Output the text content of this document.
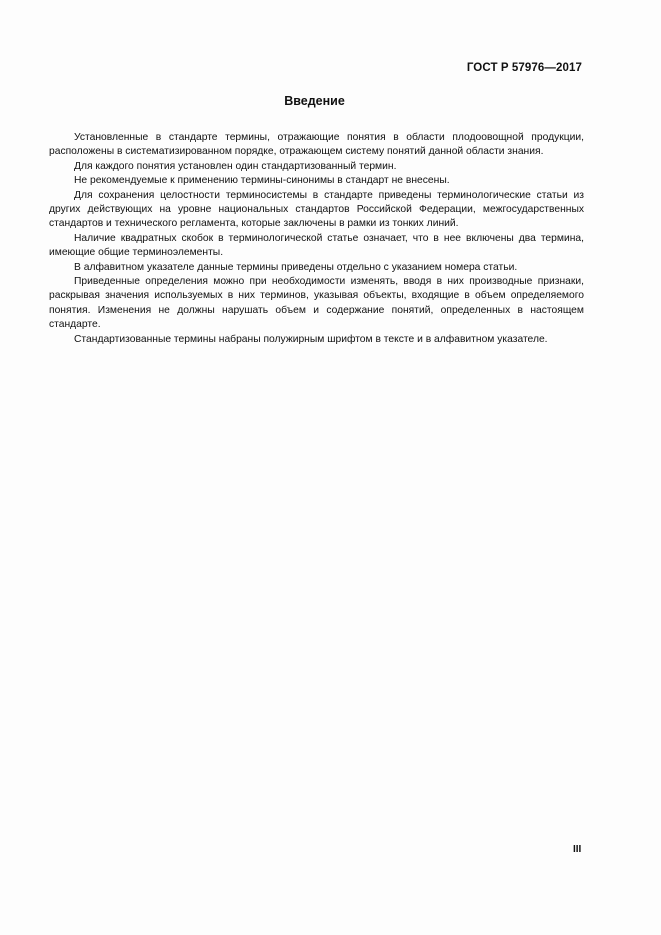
ГОСТ Р 57976—2017
Введение

Установленные в стандарте термины, отражающие понятия в области плодоовощной продукции, расположены в систематизированном порядке, отражающем систему понятий данной области знания.

Для каждого понятия установлен один стандартизованный термин.

Не рекомендуемые к применению термины-синонимы в стандарт не внесены.

Для сохранения целостности терминосистемы в стандарте приведены терминологические статьи из других действующих на уровне национальных стандартов Российской Федерации, межгосударственных стандартов и технического регламента, которые заключены в рамки из тонких линий.

Наличие квадратных скобок в терминологической статье означает, что в нее включены два термина, имеющие общие терминоэлементы.

В алфавитном указателе данные термины приведены отдельно с указанием номера статьи.

Приведенные определения можно при необходимости изменять, вводя в них производные признаки, раскрывая значения используемых в них терминов, указывая объекты, входящие в объем определяемого понятия. Изменения не должны нарушать объем и содержание понятий, определенных в настоящем стандарте.

Стандартизованные термины набраны полужирным шрифтом в тексте и в алфавитном указателе.

III
